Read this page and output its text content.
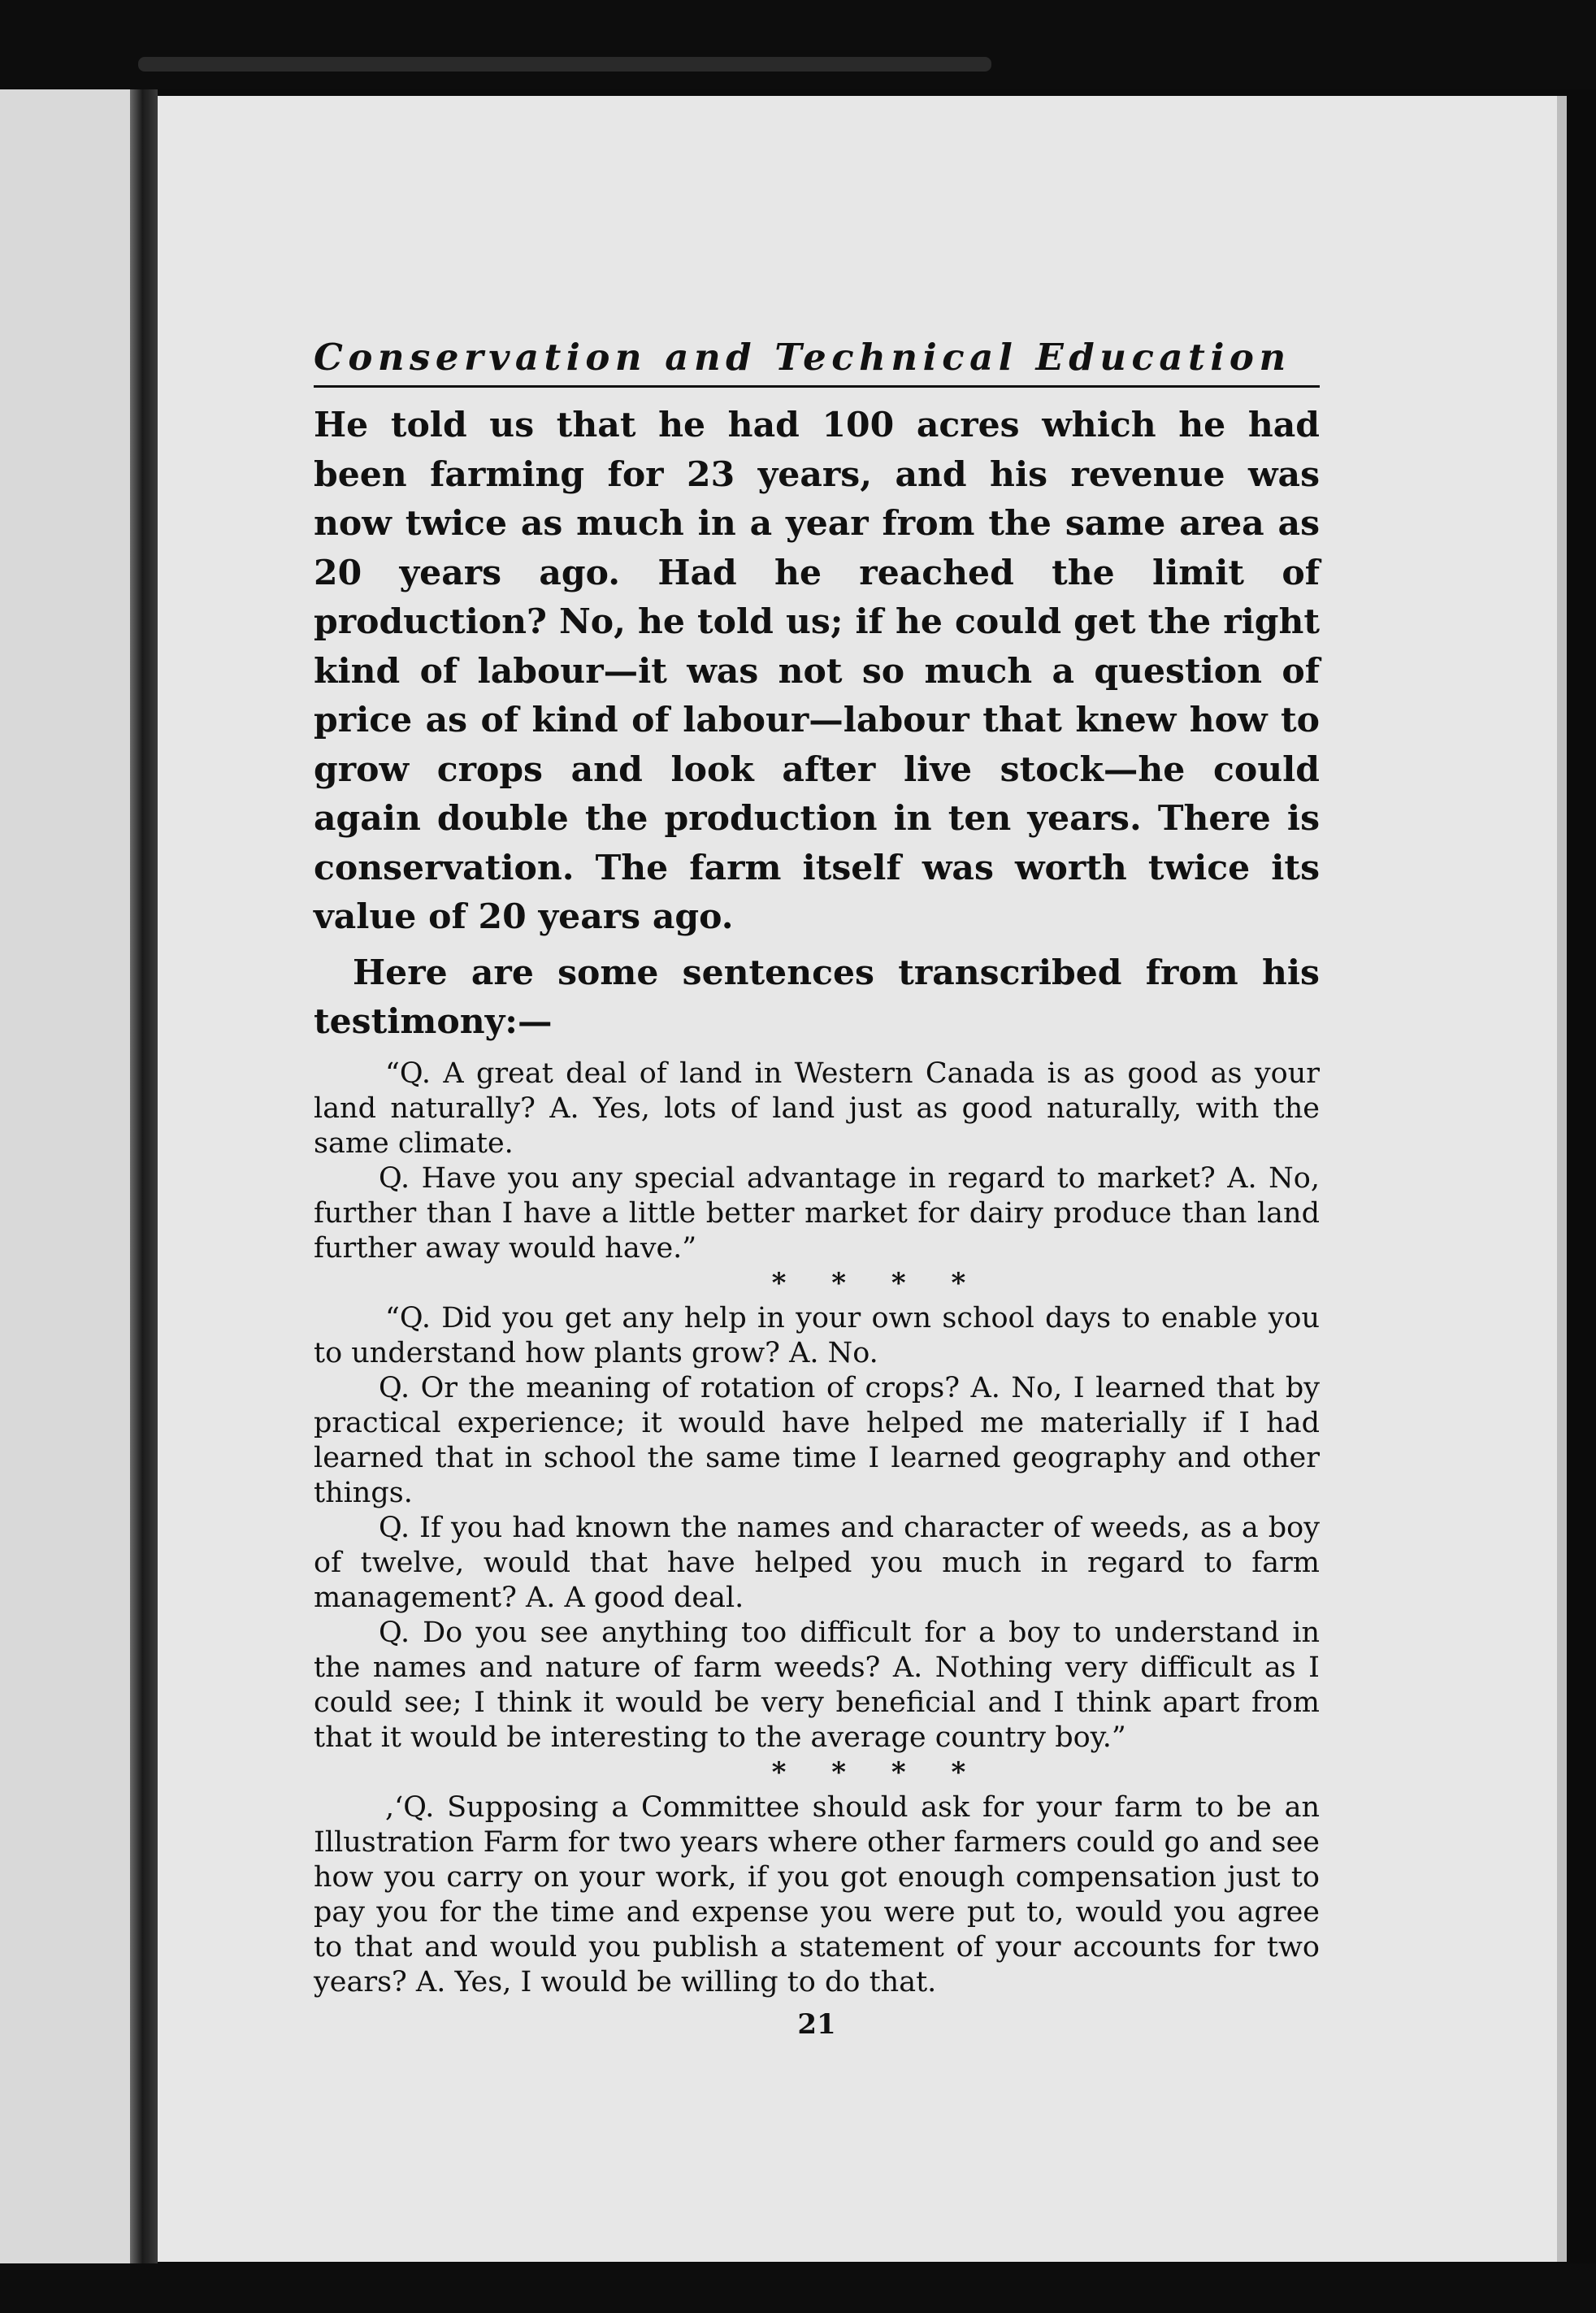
Conservation and Technical Education

He told us that he had 100 acres which he had been farming for 23 years, and his revenue was now twice as much in a year from the same area as 20 years ago. Had he reached the limit of production? No, he told us; if he could get the right kind of labour—it was not so much a question of price as of kind of labour—labour that knew how to grow crops and look after live stock—he could again double the production in ten years. There is conservation. The farm itself was worth twice its value of 20 years ago.

Here are some sentences transcribed from his testimony:—

“Q. A great deal of land in Western Canada is as good as your land naturally? A. Yes, lots of land just as good naturally, with the same climate.

Q. Have you any special advantage in regard to market? A. No, further than I have a little better market for dairy produce than land further away would have.”

* * * *

“Q. Did you get any help in your own school days to enable you to understand how plants grow? A. No.

Q. Or the meaning of rotation of crops? A. No, I learned that by practical experience; it would have helped me materially if I had learned that in school the same time I learned geography and other things.

Q. If you had known the names and character of weeds, as a boy of twelve, would that have helped you much in regard to farm management? A. A good deal.

Q. Do you see anything too difficult for a boy to understand in the names and nature of farm weeds? A. Nothing very difficult as I could see; I think it would be very beneficial and I think apart from that it would be interesting to the average country boy.”

* * * *

,‘Q. Supposing a Committee should ask for your farm to be an Illustration Farm for two years where other farmers could go and see how you carry on your work, if you got enough compensation just to pay you for the time and expense you were put to, would you agree to that and would you publish a statement of your accounts for two years? A. Yes, I would be willing to do that.

21
